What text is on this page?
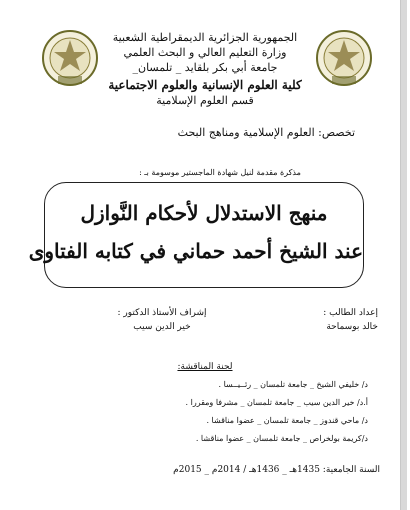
الجمهورية الجزائرية الديمقراطية الشعبية
وزارة التعليم العالي و البحث العلمي
جامعة أبي بكر بلقايد _ تلمسان_
كلية العلوم الإنسانية والعلوم الاجتماعية
قسم العلوم الإسلامية
تخصص: العلوم الإسلامية ومناهج البحث
مذكرة مقدمة لنيل شهادة الماجستير موسومة بـ :
منهج الاستدلال لأحكام النَّوازل
عند الشيخ أحمد حماني في كتابه الفتاوى
إعداد الطالب :
خالد بوسماحة
إشراف الأستاذ الدكتور :
خير الدين سيب
لجنة المناقشة:
د/ خليفي الشيخ _ جامعة تلمسان _ رئــيــسا .
أ.د/ خير الدين سيب _ جامعة تلمسان _ مشرفا ومقررا .
د/ ماحي قندوز _ جامعة تلمسان _ عضوا مناقشا .
د/كريمة بولخراص _ جامعة تلمسان _ عضوا مناقشا .
السنة الجامعية: 1435هـ _ 1436هـ / 2014م _ 2015م
